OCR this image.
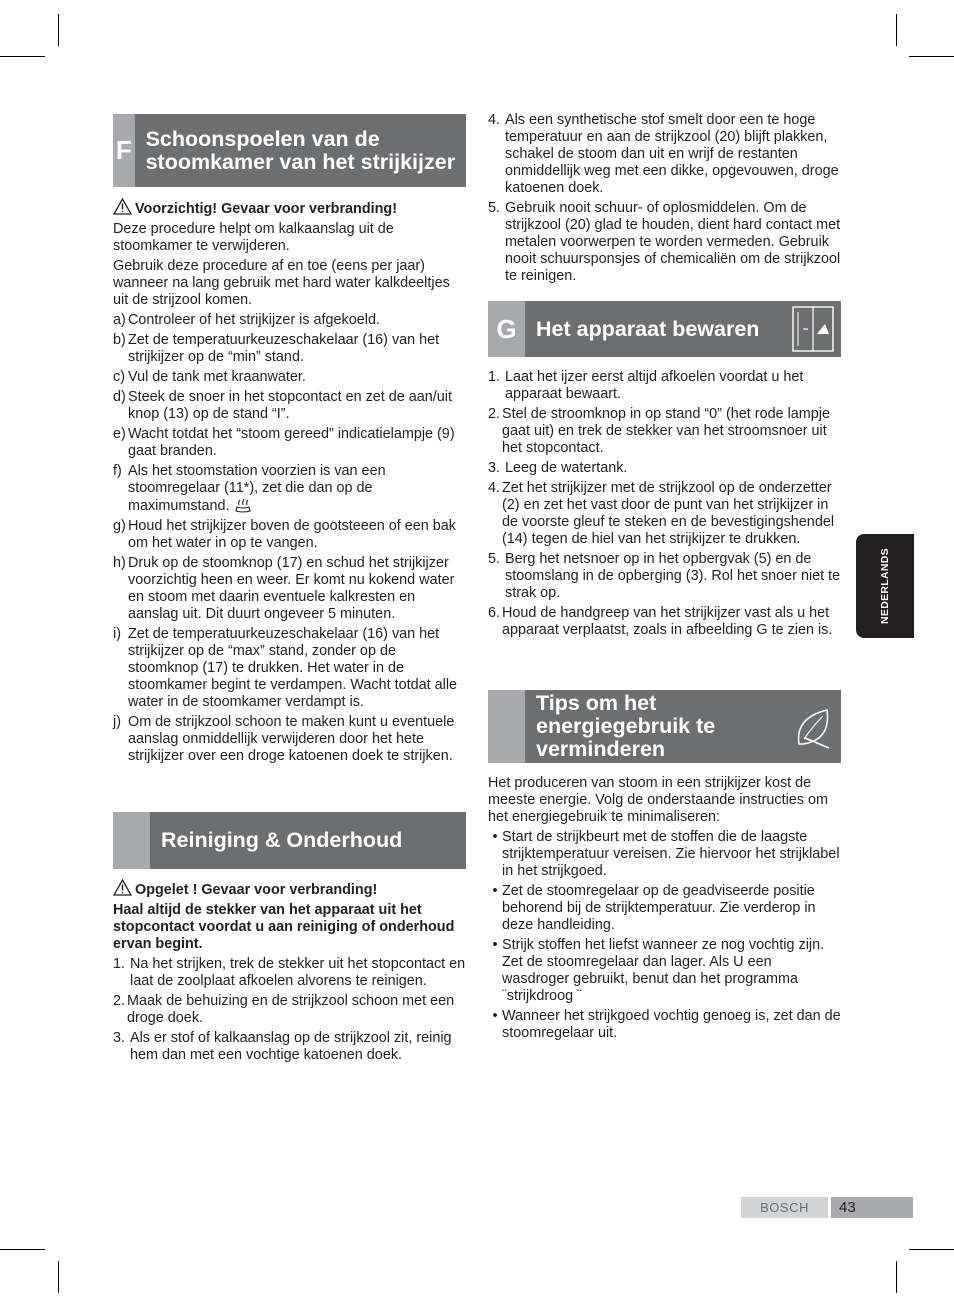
F Schoonspoelen van de stoomkamer van het strijkijzer
Voorzichtig! Gevaar voor verbranding!
Deze procedure helpt om kalkaanslag uit de stoomkamer te verwijderen.
Gebruik deze procedure af en toe (eens per jaar) wanneer na lang gebruik met hard water kalkdeeltjes uit de strijzool komen.
a) Controleer of het strijkijzer is afgekoeld.
b) Zet de temperatuurkeuzeschakelaar (16) van het strijkijzer op de “min” stand.
c) Vul de tank met kraanwater.
d) Steek de snoer in het stopcontact en zet de aan/uit knop (13) op de stand “I”.
e) Wacht totdat het “stoom gereed” indicatielampje (9) gaat branden.
f) Als het stoomstation voorzien is van een stoomregelaar (11*), zet die dan op de maximumstand.
g) Houd het strijkijzer boven de gootsteeen of een bak om het water in op te vangen.
h) Druk op de stoomknop (17) en schud het strijkijzer voorzichtig heen en weer. Er komt nu kokend water en stoom met daarin eventuele kalkresten en aanslag uit. Dit duurt ongeveer 5 minuten.
i) Zet de temperatuurkeuzeschakelaar (16) van het strijkijzer op de “max” stand, zonder op de stoomknop (17) te drukken. Het water in de stoomkamer begint te verdampen. Wacht totdat alle water in de stoomkamer verdampt is.
j) Om de strijkzool schoon te maken kunt u eventuele aanslag onmiddellijk verwijderen door het hete strijkijzer over een droge katoenen doek te strijken.
Reiniging & Onderhoud
Opgelet ! Gevaar voor verbranding!
Haal altijd de stekker van het apparaat uit het stopcontact voordat u aan reiniging of onderhoud ervan begint.
1. Na het strijken, trek de stekker uit het stopcontact en laat de zoolplaat afkoelen alvorens te reinigen.
2. Maak de behuizing en de strijkzool schoon met een droge doek.
3. Als er stof of kalkaanslag op de strijkzool zit, reinig hem dan met een vochtige katoenen doek.
4. Als een synthetische stof smelt door een te hoge temperatuur en aan de strijkzool (20) blijft plakken, schakel de stoom dan uit en wrijf de restanten onmiddellijk weg met een dikke, opgevouwen, droge katoenen doek.
5. Gebruik nooit schuur- of oplosmiddelen. Om de strijkzool (20) glad te houden, dient hard contact met metalen voorwerpen te worden vermeden. Gebruik nooit schuursponsjes of chemicaliën om de strijkzool te reinigen.
G Het apparaat bewaren
1. Laat het ijzer eerst altijd afkoelen voordat u het apparaat bewaart.
2. Stel de stroomknop in op stand “0” (het rode lampje gaat uit) en trek de stekker van het stroomsnoer uit het stopcontact.
3. Leeg de watertank.
4. Zet het strijkijzer met de strijkzool op de onderzetter (2) en zet het vast door de punt van het strijkijzer in de voorste gleuf te steken en de bevestigingshendel (14) tegen de hiel van het strijkijzer te drukken.
5. Berg het netsnoer op in het opbergvak (5) en de stoomslang in de opberging (3). Rol het snoer niet te strak op.
6. Houd de handgreep van het strijkijzer vast als u het apparaat verplaatst, zoals in afbeelding G te zien is.
Tips om het energiegebruik te verminderen
Het produceren van stoom in een strijkijzer kost de meeste energie. Volg de onderstaande instructies om het energiegebruik te minimaliseren:
• Start de strijkbeurt met de stoffen die de laagste strijktemperatuur vereisen. Zie hiervoor het strijklabel in het strijkgoed.
• Zet de stoomregelaar op de geadviseerde positie behorend bij de strijktemperatuur. Zie verderop in deze handleiding.
• Strijk stoffen het liefst wanneer ze nog vochtig zijn. Zet de stoomregelaar dan lager. Als U een wasdroger gebruikt, benut dan het programma ¨strijkdroog ¨
• Wanneer het strijkgoed vochtig genoeg is, zet dan de stoomregelaar uit.
NEDERLANDS
BOSCH	43
